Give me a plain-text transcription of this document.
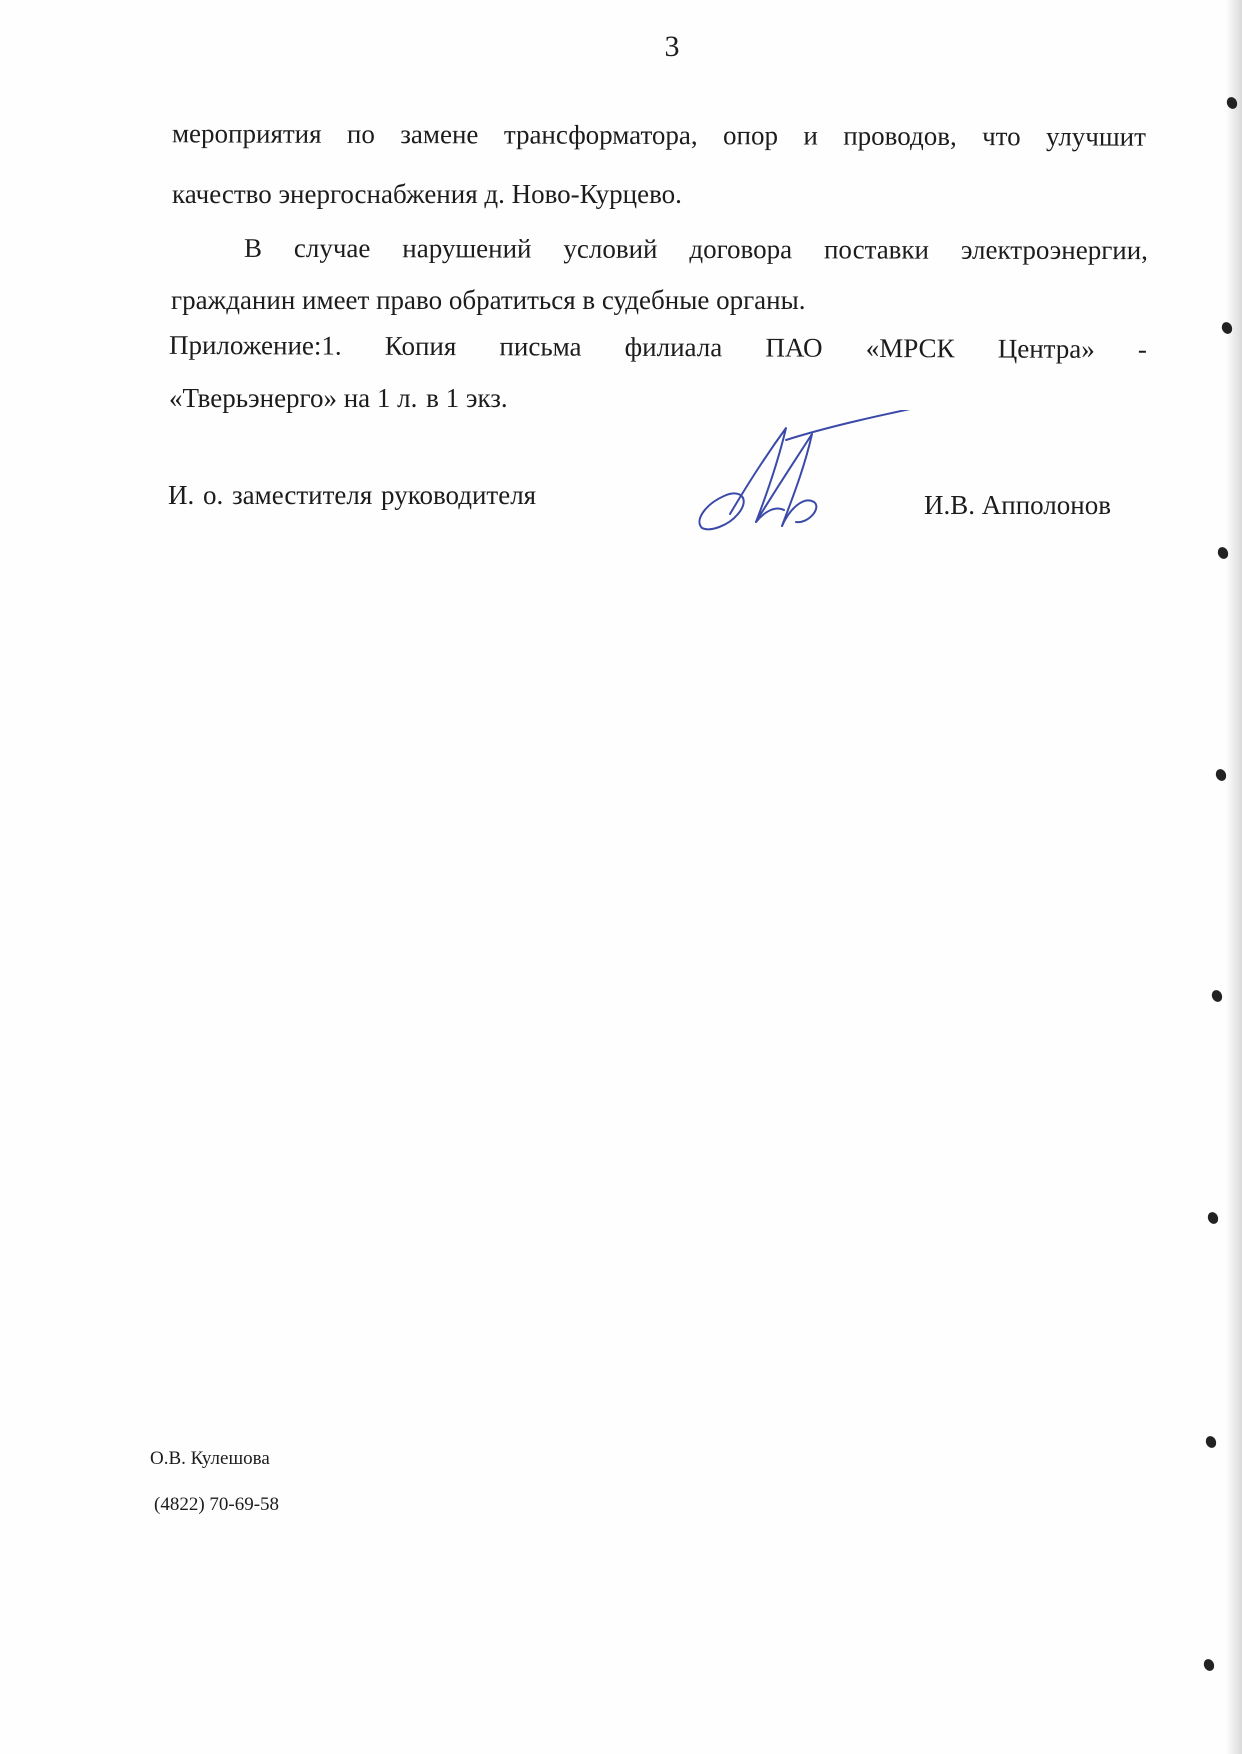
3
мероприятия по замене трансформатора, опор и проводов, что улучшит
качество энергоснабжения д. Ново-Курцево.
В случае нарушений условий договора поставки электроэнергии,
гражданин имеет право обратиться в судебные органы.
Приложение:1. Копия письма филиала ПАО «МРСК Центра» -
«Тверьэнерго» на 1 л. в 1 экз.
И. о. заместителя руководителя	И.В. Апполонов
О.В. Кулешова
(4822) 70-69-58
